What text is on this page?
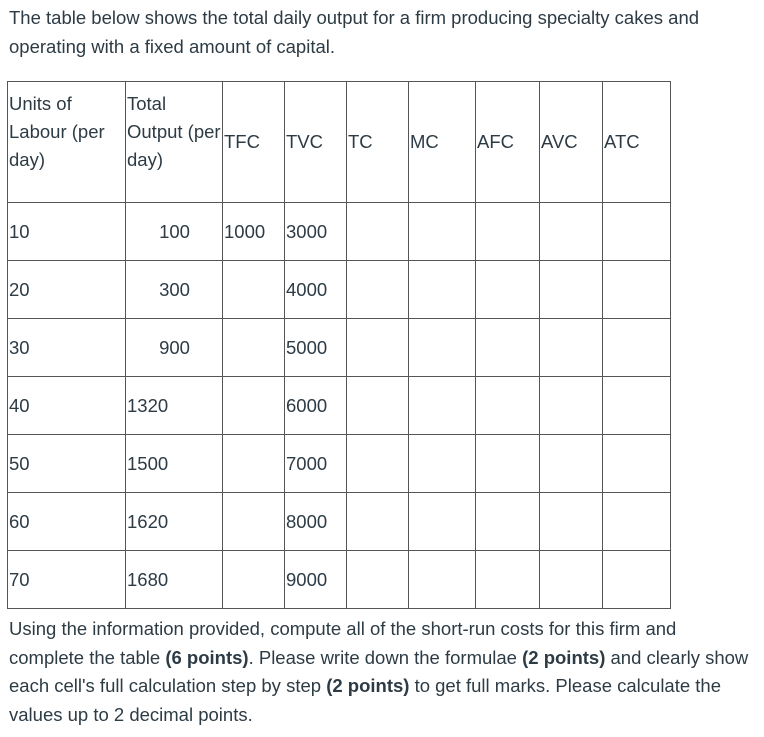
The table below shows the total daily output for a firm producing specialty cakes and operating with a fixed amount of capital.

Units of Labour (per day)	Total Output (per day)	TFC	TVC	TC	MC	AFC	AVC	ATC
10	100	1000	3000					
20	300		4000					
30	900		5000					
40	1320		6000					
50	1500		7000					
60	1620		8000					
70	1680		9000					

Using the information provided, compute all of the short-run costs for this firm and complete the table (6 points). Please write down the formulae (2 points) and clearly show each cell's full calculation step by step (2 points) to get full marks. Please calculate the values up to 2 decimal points.
